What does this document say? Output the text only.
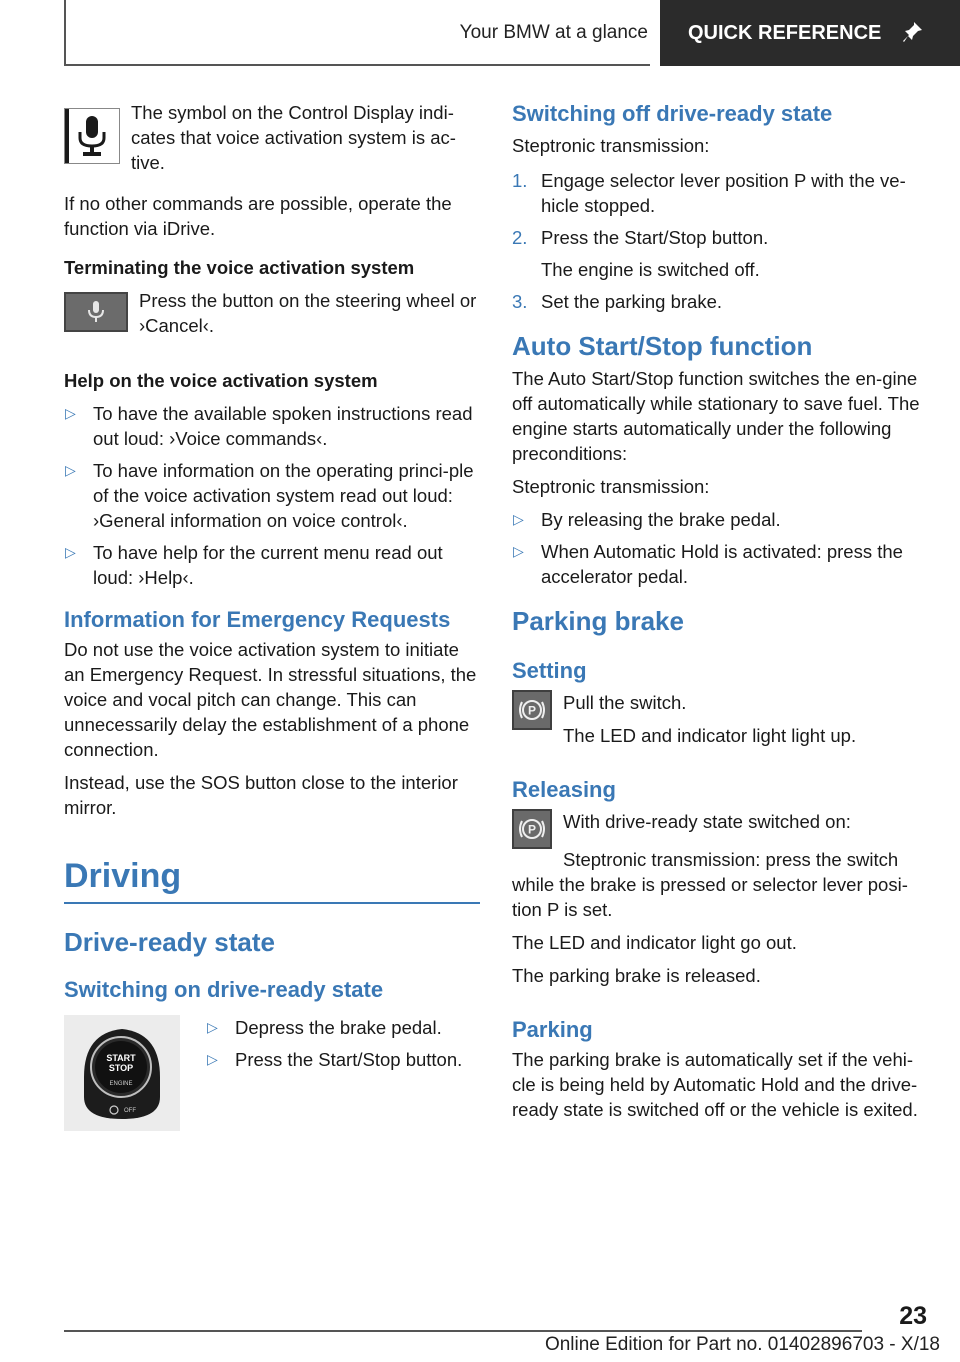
Your BMW at a glance QUICK REFERENCE

The symbol on the Control Display indi-cates that voice activation system is ac-tive.

If no other commands are possible, operate the function via iDrive.

Terminating the voice activation system

Press the button on the steering wheel or ›Cancel‹.

Help on the voice activation system
▷ To have the available spoken instructions read out loud: ›Voice commands‹.
▷ To have information on the operating princi-ple of the voice activation system read out loud: ›General information on voice control‹.
▷ To have help for the current menu read out loud: ›Help‹.
Information for Emergency Requests

Do not use the voice activation system to initiate an Emergency Request. In stressful situations, the voice and vocal pitch can change. This can unnecessarily delay the establishment of a phone connection.

Instead, use the SOS button close to the interior mirror.

Driving
Drive-ready state
Switching on drive-ready state
START
STOP
ENGINE
OFF
▷ Depress the brake pedal.
▷ Press the Start/Stop button.
Switching off drive-ready state

Steptronic transmission:

1. Engage selector lever position P with the ve-hicle stopped.
2. Press the Start/Stop button.
The engine is switched off.
3. Set the parking brake.
Auto Start/Stop function

The Auto Start/Stop function switches the en-gine off automatically while stationary to save fuel. The engine starts automatically under the following preconditions:

Steptronic transmission:

▷ By releasing the brake pedal.
▷ When Automatic Hold is activated: press the accelerator pedal.
Parking brake
Setting
P Pull the switch.

The LED and indicator light light up.

Releasing
P With drive-ready state switched on:

Steptronic transmission: press the switch while the brake is pressed or selector lever posi-tion P is set.

The LED and indicator light go out.

The parking brake is released.

Parking

The parking brake is automatically set if the vehi-cle is being held by Automatic Hold and the drive-ready state is switched off or the vehicle is exited.

23
Online Edition for Part no. 01402896703 - X/18
